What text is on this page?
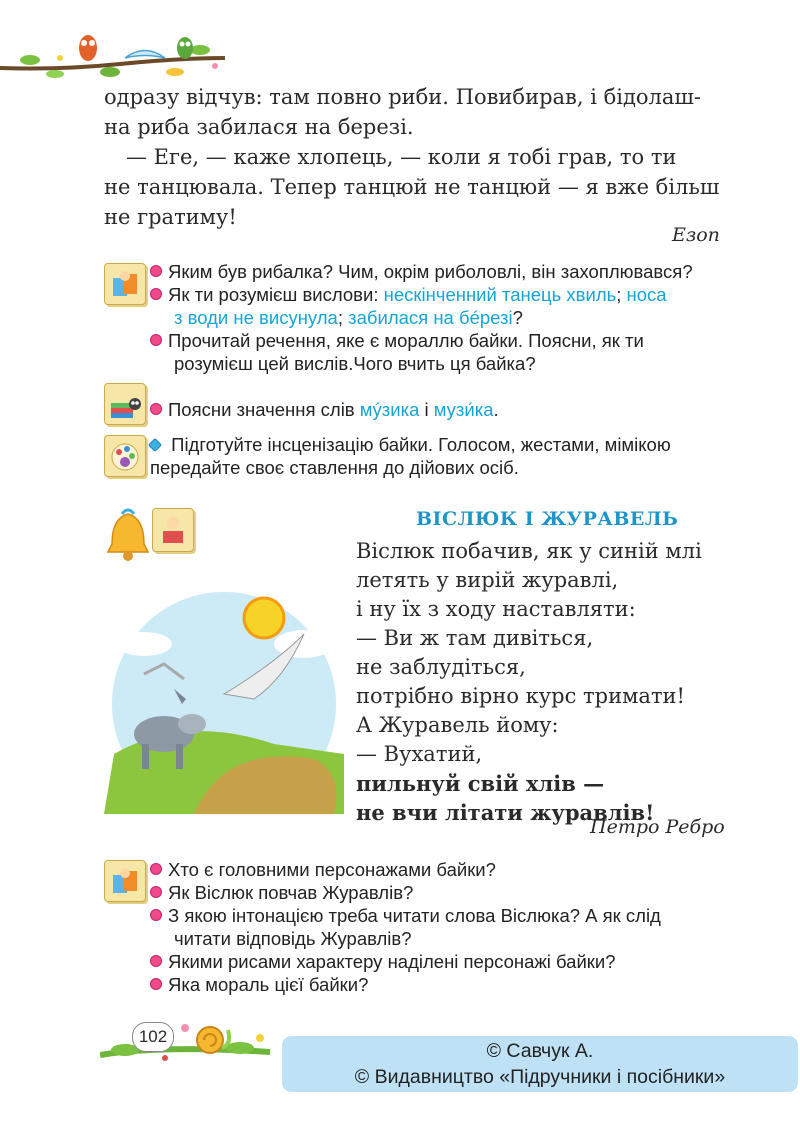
одразу відчув: там повно риби. Повибирав, і бідолаш-

на риба забилася на березі.

— Еге, — каже хлопець, — коли я тобі грав, то ти

не танцювала. Тепер танцюй не танцюй — я вже більш

не гратиму!

Езоп
Яким був рибалка? Чим, окрім риболовлі, він захоплювався?
Як ти розумієш вислови: нескінченний танець хвиль; носа
з води не висунула; забилася на бéрезі?
Прочитай речення, яке є мораллю байки. Поясни, як ти
розумієш цей вислів.Чого вчить ця байка?
Поясни значення слів мýзика і музи́ка.
Підготуйте інсценізацію байки. Голосом, жестами, мімікою
передайте своє ставлення до дійових осіб.
ВІСЛЮК І ЖУРАВЕЛЬ
Віслюк побачив, як у синій млі
летять у вирій журавлі,
і ну їх з ходу наставляти:
— Ви ж там дивіться,
не заблудіться,
потрібно вірно курс тримати!
А Журавель йому:
— Вухатий,
пильнуй свій хлів —
не вчи літати журавлів!
Петро Ребро
Хто є головними персонажами байки?
Як Віслюк повчав Журавлів?
З якою інтонацією треба читати слова Віслюка? А як слід
читати відповідь Журавлів?
Якими рисами характеру наділені персонажі байки?
Яка мораль цієї байки?
102
© Савчук А.
© Видавництво «Підручники і посібники»
